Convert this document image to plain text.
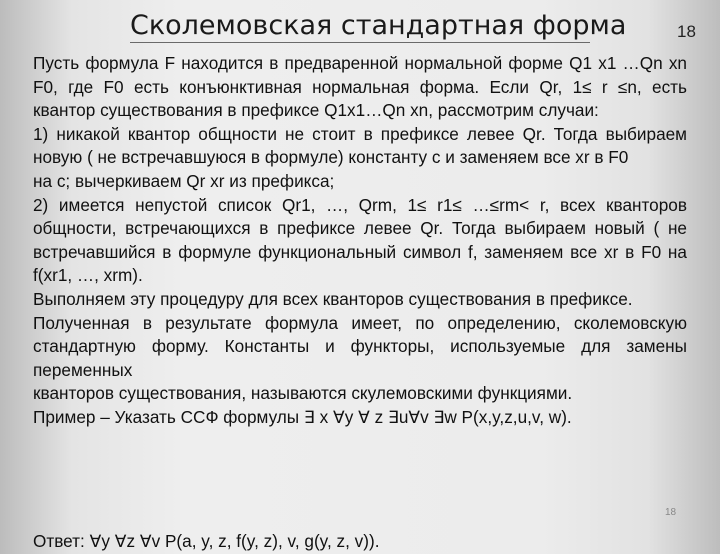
Сколемовская стандартная форма	18

Пусть формула F находится в предваренной нормальной форме Q1 x1 …Qn xn F0, где F0 есть конъюнктивная нормальная форма. Если Qr, 1≤ r ≤n, есть квантор существования в префиксе Q1x1…Qn xn, рассмотрим случаи:

1) никакой квантор общности не стоит в префиксе левее Qr. Тогда выбираем новую ( не встречавшуюся в формуле) константу c и заменяем все xr в F0

на c; вычеркиваем Qr xr из префикса;

2) имеется непустой список Qr1, …, Qrm, 1≤ r1≤ …≤rm< r, всех кванторов общности, встречающихся в префиксе левее Qr. Тогда выбираем новый ( не встречавшийся в формуле функциональный символ f, заменяем все xr в F0 на f(xr1, …, xrm).

Выполняем эту процедуру для всех кванторов существования в префиксе.

Полученная в результате формула имеет, по определению, сколемовскую стандартную форму. Константы и функторы, используемые для замены переменных

кванторов существования, называются скулемовскими функциями.

Пример – Указать ССФ формулы ∃ x ∀y ∀ z ∃u∀v ∃w P(x,y,z,u,v, w).

18
Ответ: ∀y ∀z ∀v P(a, y, z, f(y, z), v, g(y, z, v)).
